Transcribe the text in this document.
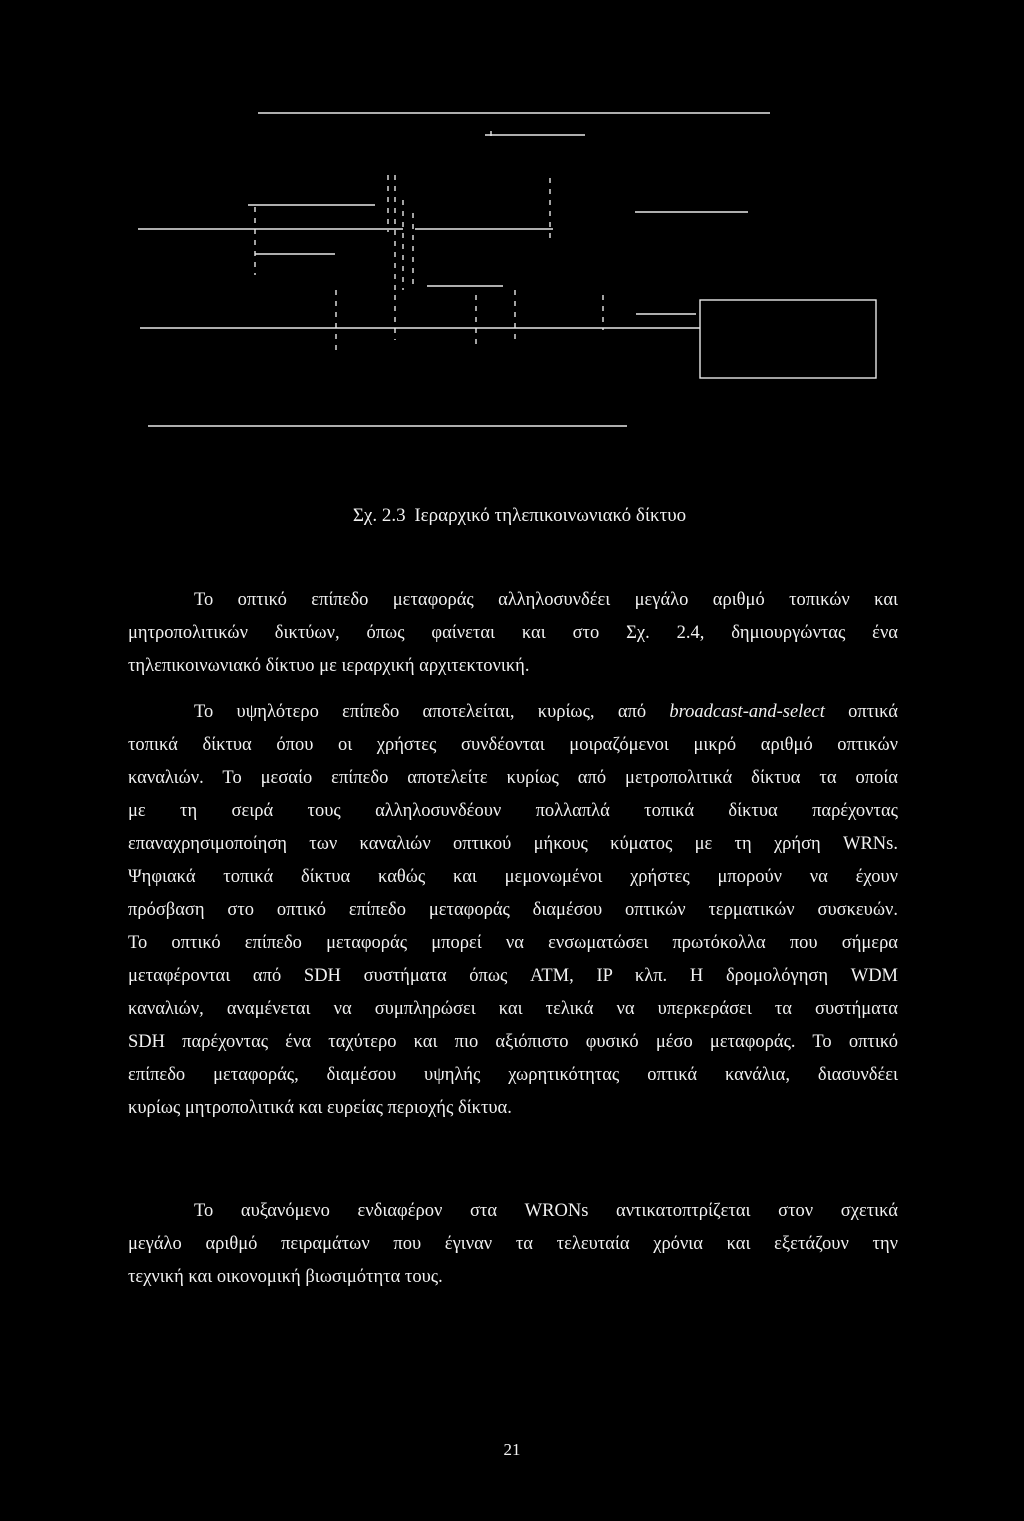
Σχ. 2.3 Ιεραρχικό τηλεπικοινωνιακό δίκτυο
Το οπτικό επίπεδο μεταφοράς αλληλοσυνδέει μεγάλο αριθμό τοπικών και
μητροπολιτικών δικτύων, όπως φαίνεται και στο Σχ. 2.4, δημιουργώντας ένα
τηλεπικοινωνιακό δίκτυο με ιεραρχική αρχιτεκτονική.
Το υψηλότερο επίπεδο αποτελείται, κυρίως, από broadcast-and-select οπτικά
τοπικά δίκτυα όπου οι χρήστες συνδέονται μοιραζόμενοι μικρό αριθμό οπτικών
καναλιών. Το μεσαίο επίπεδο αποτελείτε κυρίως από μετροπολιτικά δίκτυα τα οποία
με τη σειρά τους αλληλοσυνδέουν πολλαπλά τοπικά δίκτυα παρέχοντας
επαναχρησιμοποίηση των καναλιών οπτικού μήκους κύματος με τη χρήση WRNs.
Ψηφιακά τοπικά δίκτυα καθώς και μεμονωμένοι χρήστες μπορούν να έχουν
πρόσβαση στο οπτικό επίπεδο μεταφοράς διαμέσου οπτικών τερματικών συσκευών.
Το οπτικό επίπεδο μεταφοράς μπορεί να ενσωματώσει πρωτόκολλα που σήμερα
μεταφέρονται από SDH συστήματα όπως ATM, IP κλπ. Η δρομολόγηση WDM
καναλιών, αναμένεται να συμπληρώσει και τελικά να υπερκεράσει τα συστήματα
SDH παρέχοντας ένα ταχύτερο και πιο αξιόπιστο φυσικό μέσο μεταφοράς. Το οπτικό
επίπεδο μεταφοράς, διαμέσου υψηλής χωρητικότητας οπτικά κανάλια, διασυνδέει
κυρίως μητροπολιτικά και ευρείας περιοχής δίκτυα.
Το αυξανόμενο ενδιαφέρον στα WRONs αντικατοπτρίζεται στον σχετικά
μεγάλο αριθμό πειραμάτων που έγιναν τα τελευταία χρόνια και εξετάζουν την
τεχνική και οικονομική βιωσιμότητα τους.
21
